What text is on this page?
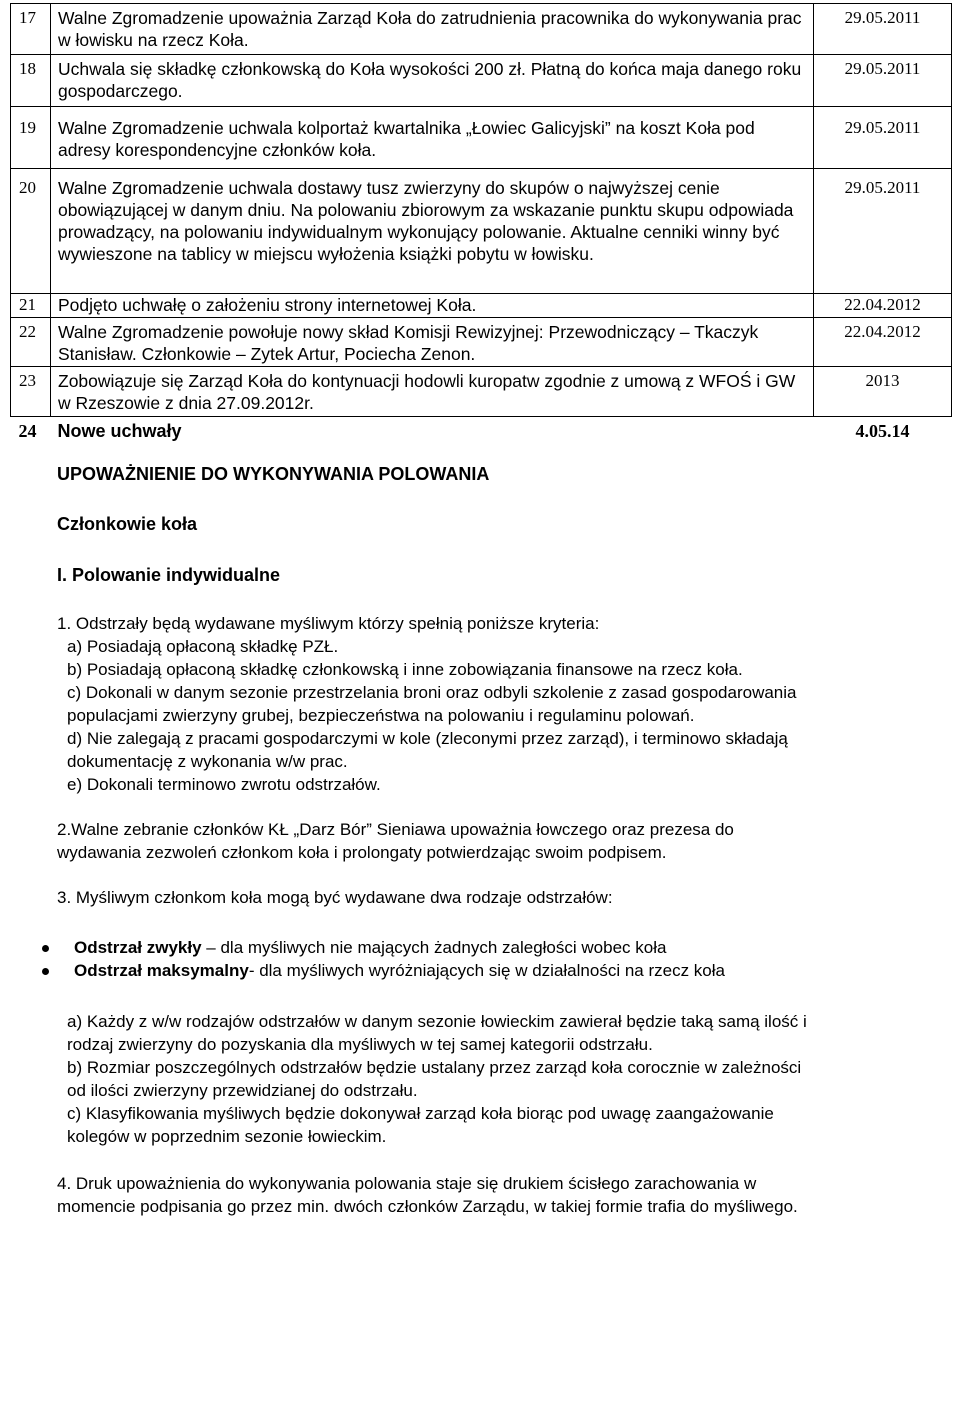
17	Walne Zgromadzenie upoważnia Zarząd Koła do zatrudnienia pracownika do wykonywania prac w łowisku na rzecz Koła.	29.05.2011
18	Uchwala się składkę członkowską do Koła wysokości 200 zł. Płatną do końca maja danego roku gospodarczego.	29.05.2011
19	Walne Zgromadzenie uchwala kolportaż kwartalnika „Łowiec Galicyjski” na koszt Koła pod adresy korespondencyjne członków koła.	29.05.2011
20	Walne Zgromadzenie uchwala dostawy tusz zwierzyny do skupów o najwyższej cenie obowiązującej w danym dniu. Na polowaniu zbiorowym za wskazanie punktu skupu odpowiada prowadzący, na polowaniu indywidualnym wykonujący polowanie. Aktualne cenniki winny być wywieszone na tablicy w miejscu wyłożenia książki pobytu w łowisku.	29.05.2011
21	Podjęto uchwałę o założeniu strony internetowej Koła.	22.04.2012
22	Walne Zgromadzenie powołuje nowy skład Komisji Rewizyjnej: Przewodniczący – Tkaczyk Stanisław. Członkowie – Zytek Artur, Pociecha Zenon.	22.04.2012
23	Zobowiązuje się Zarząd Koła do kontynuacji hodowli kuropatw zgodnie z umową z WFOŚ i GW w Rzeszowie z dnia 27.09.2012r.	2013
24	Nowe uchwały	4.05.14

UPOWAŻNIENIE DO WYKONYWANIA POLOWANIA

Członkowie koła

I. Polowanie indywidualne

1. Odstrzały będą wydawane myśliwym którzy spełnią poniższe kryteria:

a) Posiadają opłaconą składkę PZŁ.

b) Posiadają opłaconą składkę członkowską i inne zobowiązania finansowe na rzecz koła.

c) Dokonali w danym sezonie przestrzelania broni oraz odbyli szkolenie z zasad gospodarowania populacjami zwierzyny grubej, bezpieczeństwa na polowaniu i regulaminu polowań.

d) Nie zalegają z pracami gospodarczymi w kole (zleconymi przez zarząd), i terminowo składają dokumentację z wykonania w/w prac.

e) Dokonali terminowo zwrotu odstrzałów.

2.Walne zebranie członków KŁ „Darz Bór” Sieniawa upoważnia łowczego oraz prezesa do wydawania zezwoleń członkom koła i prolongaty potwierdzając swoim podpisem.

3. Myśliwym członkom koła mogą być wydawane dwa rodzaje odstrzałów:

Odstrzał zwykły – dla myśliwych nie mających żadnych zaległości wobec koła
Odstrzał maksymalny- dla myśliwych wyróżniających się w działalności na rzecz koła

a) Każdy z w/w rodzajów odstrzałów w danym sezonie łowieckim zawierał będzie taką samą ilość i rodzaj zwierzyny do pozyskania dla myśliwych w tej samej kategorii odstrzału.

b) Rozmiar poszczególnych odstrzałów będzie ustalany przez zarząd koła corocznie w zależności od ilości zwierzyny przewidzianej do odstrzału.

c) Klasyfikowania myśliwych będzie dokonywał zarząd koła biorąc pod uwagę zaangażowanie kolegów w poprzednim sezonie łowieckim.

4. Druk upoważnienia do wykonywania polowania staje się drukiem ścisłego zarachowania w momencie podpisania go przez min. dwóch członków Zarządu, w takiej formie trafia do myśliwego.
